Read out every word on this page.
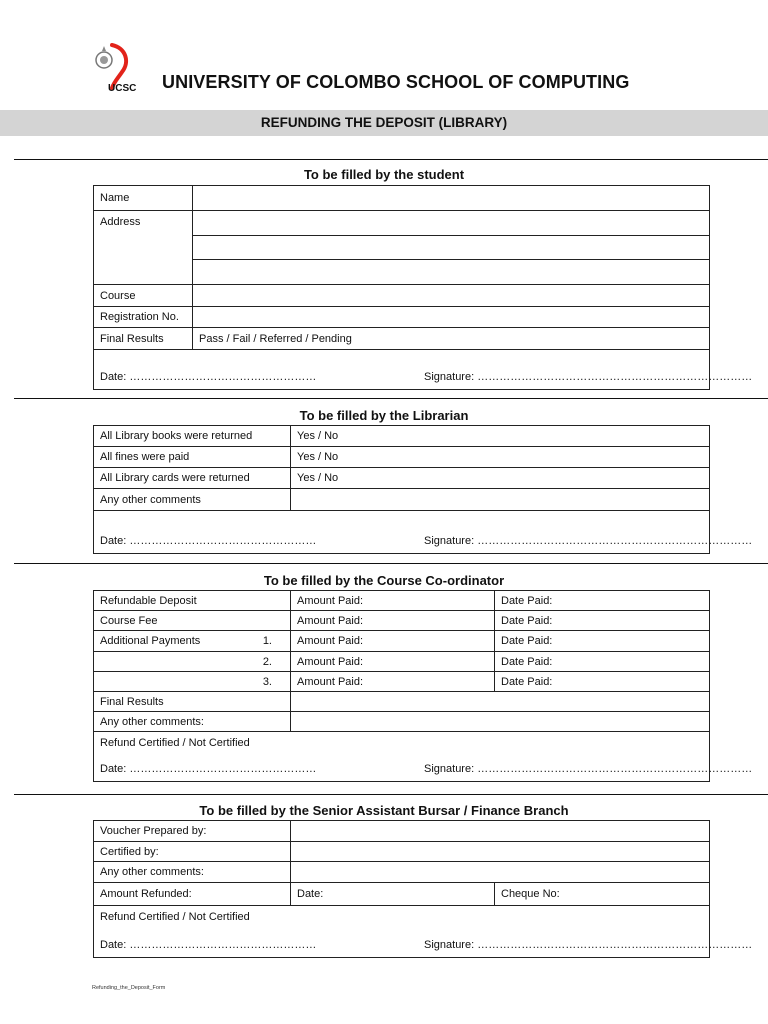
UCSC UNIVERSITY OF COLOMBO SCHOOL OF COMPUTING
REFUNDING THE DEPOSIT (LIBRARY)
To be filled by the student
Name	
Address	

Course	
Registration No.	
Final Results	Pass / Fail / Referred / Pending

Date: …………………………………………… Signature: …………………………………………………………………	
To be filled by the Librarian
All Library books were returned	Yes / No
All fines were paid	Yes / No
All Library cards were returned	Yes / No
Any other comments	

Date: …………………………………………… Signature: …………………………………………………………………	
To be filled by the Course Co-ordinator
Refundable Deposit	Amount Paid:	Date Paid:
Course Fee	Amount Paid:	Date Paid:
Additional Payments 1.	Amount Paid:	Date Paid:
2.	Amount Paid:	Date Paid:
3.	Amount Paid:	Date Paid:
Final Results		
Any other comments:		
Refund Certified / Not Certified
Date: …………………………………………… Signature: …………………………………………………………………		
To be filled by the Senior Assistant Bursar / Finance Branch
Voucher Prepared by:		
Certified by:		
Any other comments:		
Amount Refunded:	Date:	Cheque No:
Refund Certified / Not Certified
Date: …………………………………………… Signature: …………………………………………………………………		
Refunding_the_Deposit_Form
